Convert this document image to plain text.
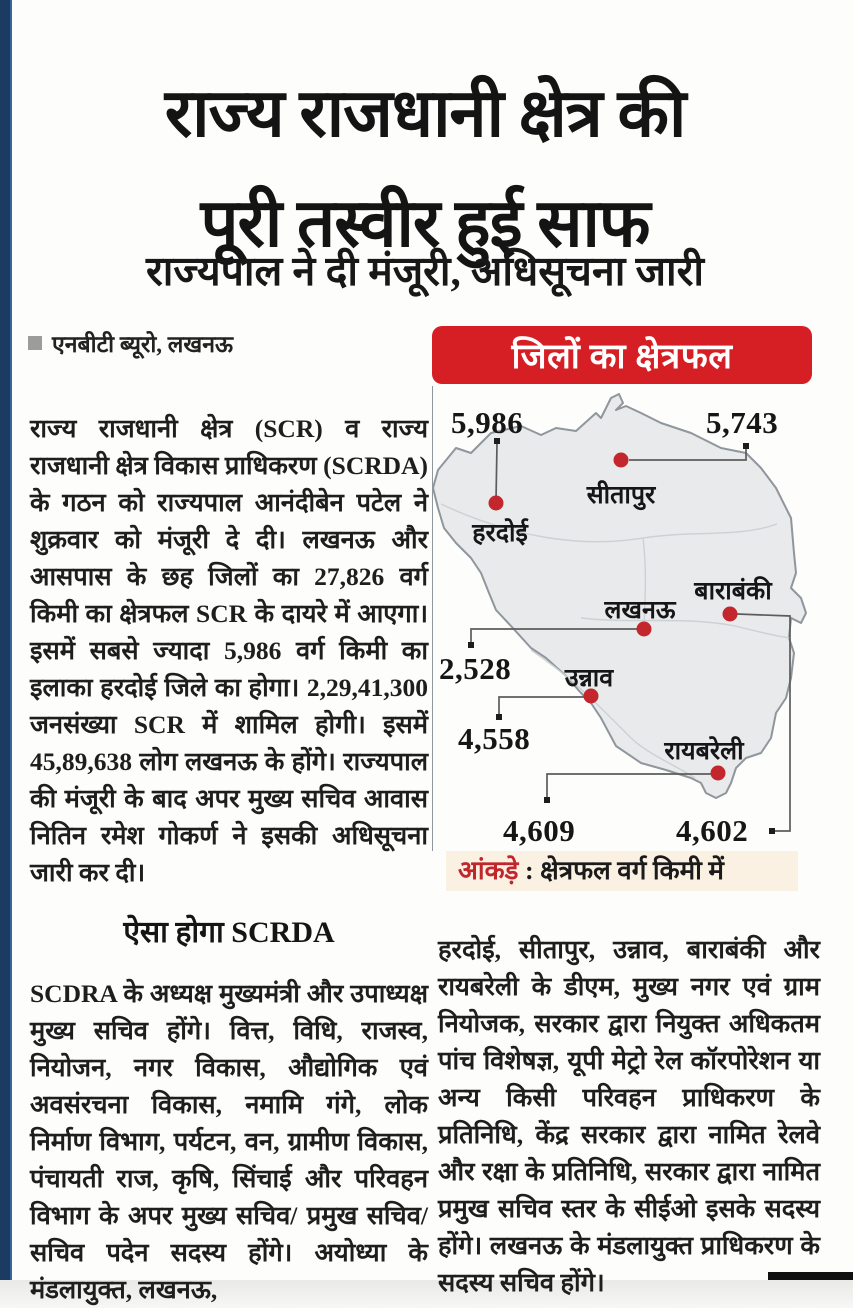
राज्य राजधानी क्षेत्र की
पूरी तस्वीर हुई साफ
राज्यपाल ने दी मंजूरी, अधिसूचना जारी
एनबीटी ब्यूरो, लखनऊ

राज्य राजधानी क्षेत्र (SCR) व राज्य राजधानी क्षेत्र विकास प्राधिकरण (SCRDA) के गठन को राज्यपाल आनंदीबेन पटेल ने शुक्रवार को मंजूरी दे दी। लखनऊ और आसपास के छह जिलों का 27,826 वर्ग किमी का क्षेत्रफल SCR के दायरे में आएगा। इसमें सबसे ज्यादा 5,986 वर्ग किमी का इलाका हरदोई जिले का होगा। 2,29,41,300 जनसंख्या SCR में शामिल होगी। इसमें 45,89,638 लोग लखनऊ के होंगे। राज्यपाल की मंजूरी के बाद अपर मुख्य सचिव आवास नितिन रमेश गोकर्ण ने इसकी अधिसूचना जारी कर दी।

ऐसा होगा SCRDA

SCDRA के अध्यक्ष मुख्यमंत्री और उपाध्यक्ष मुख्य सचिव होंगे। वित्त, विधि, राजस्व, नियोजन, नगर विकास, औद्योगिक एवं अवसंरचना विकास, नमामि गंगे, लोक निर्माण विभाग, पर्यटन, वन, ग्रामीण विकास, पंचायती राज, कृषि, सिंचाई और परिवहन विभाग के अपर मुख्य सचिव/ प्रमुख सचिव/सचिव पदेन सदस्य होंगे। अयोध्या के मंडलायुक्त, लखनऊ,

हरदोई, सीतापुर, उन्नाव, बाराबंकी और रायबरेली के डीएम, मुख्य नगर एवं ग्राम नियोजक, सरकार द्वारा नियुक्त अधिकतम पांच विशेषज्ञ, यूपी मेट्रो रेल कॉरपोरेशन या अन्य किसी परिवहन प्राधिकरण के प्रतिनिधि, केंद्र सरकार द्वारा नामित रेलवे और रक्षा के प्रतिनिधि, सरकार द्वारा नामित प्रमुख सचिव स्तर के सीईओ इसके सदस्य होंगे। लखनऊ के मंडलायुक्त प्राधिकरण के सदस्य सचिव होंगे।

जिलों का क्षेत्रफल
5,986	5,743
2,528
4,558
4,609	4,602
हरदोई
सीतापुर
लखनऊ
बाराबंकी
उन्नाव
रायबरेली
आंकड़े : क्षेत्रफल वर्ग किमी में
